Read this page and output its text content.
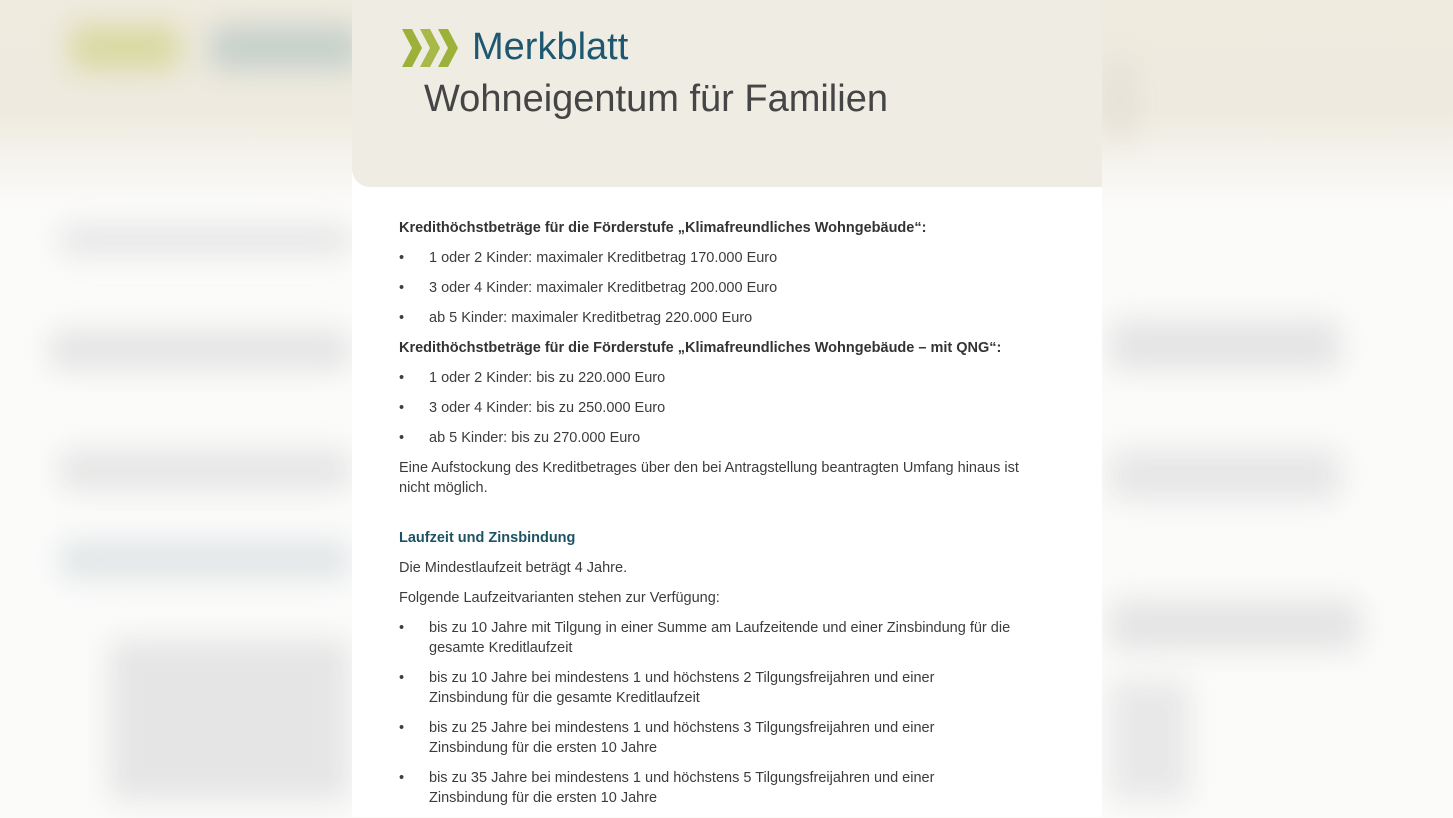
Merkblatt
Wohneigentum für Familien
Kredithöchstbeträge für die Förderstufe „Klimafreundliches Wohngebäude“:
• 1 oder 2 Kinder: maximaler Kreditbetrag 170.000 Euro
• 3 oder 4 Kinder: maximaler Kreditbetrag 200.000 Euro
• ab 5 Kinder: maximaler Kreditbetrag 220.000 Euro
Kredithöchstbeträge für die Förderstufe „Klimafreundliches Wohngebäude – mit QNG“:
• 1 oder 2 Kinder: bis zu 220.000 Euro
• 3 oder 4 Kinder: bis zu 250.000 Euro
• ab 5 Kinder: bis zu 270.000 Euro
Eine Aufstockung des Kreditbetrages über den bei Antragstellung beantragten Umfang hinaus ist nicht möglich.
Laufzeit und Zinsbindung
Die Mindestlaufzeit beträgt 4 Jahre.
Folgende Laufzeitvarianten stehen zur Verfügung:
• bis zu 10 Jahre mit Tilgung in einer Summe am Laufzeitende und einer Zinsbindung für die gesamte Kreditlaufzeit
• bis zu 10 Jahre bei mindestens 1 und höchstens 2 Tilgungsfreijahren und einer Zinsbindung für die gesamte Kreditlaufzeit
• bis zu 25 Jahre bei mindestens 1 und höchstens 3 Tilgungsfreijahren und einer Zinsbindung für die ersten 10 Jahre
• bis zu 35 Jahre bei mindestens 1 und höchstens 5 Tilgungsfreijahren und einer Zinsbindung für die ersten 10 Jahre
